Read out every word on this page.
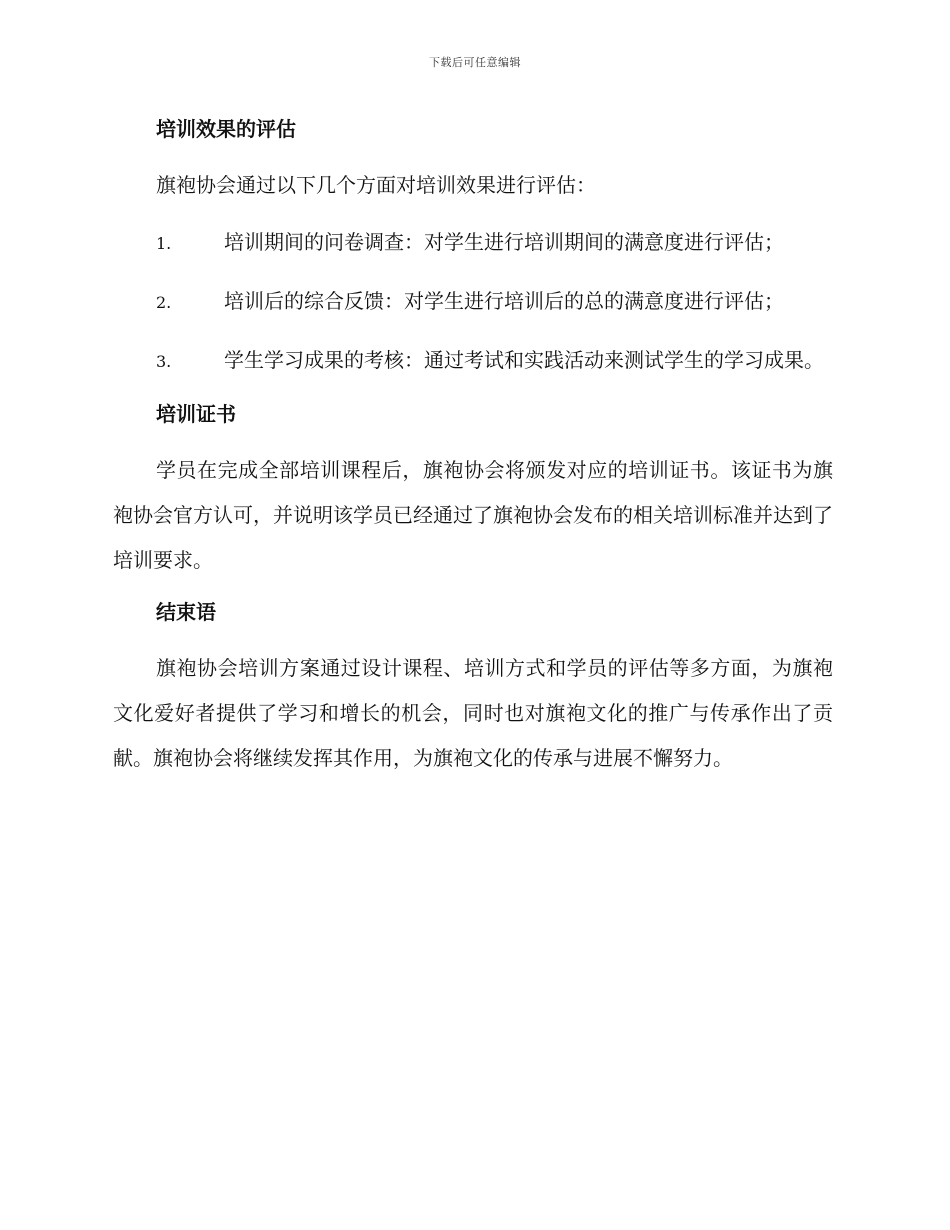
下载后可任意编辑
培训效果的评估

旗袍协会通过以下几个方面对培训效果进行评估：

1.	培训期间的问卷调查：对学生进行培训期间的满意度进行评估；

2.	培训后的综合反馈：对学生进行培训后的总的满意度进行评估；

3.	学生学习成果的考核：通过考试和实践活动来测试学生的学习成果。

培训证书

学员在完成全部培训课程后，旗袍协会将颁发对应的培训证书。该证书为旗袍协会官方认可，并说明该学员已经通过了旗袍协会发布的相关培训标准并达到了培训要求。

结束语

旗袍协会培训方案通过设计课程、培训方式和学员的评估等多方面，为旗袍文化爱好者提供了学习和增长的机会，同时也对旗袍文化的推广与传承作出了贡献。旗袍协会将继续发挥其作用，为旗袍文化的传承与进展不懈努力。
